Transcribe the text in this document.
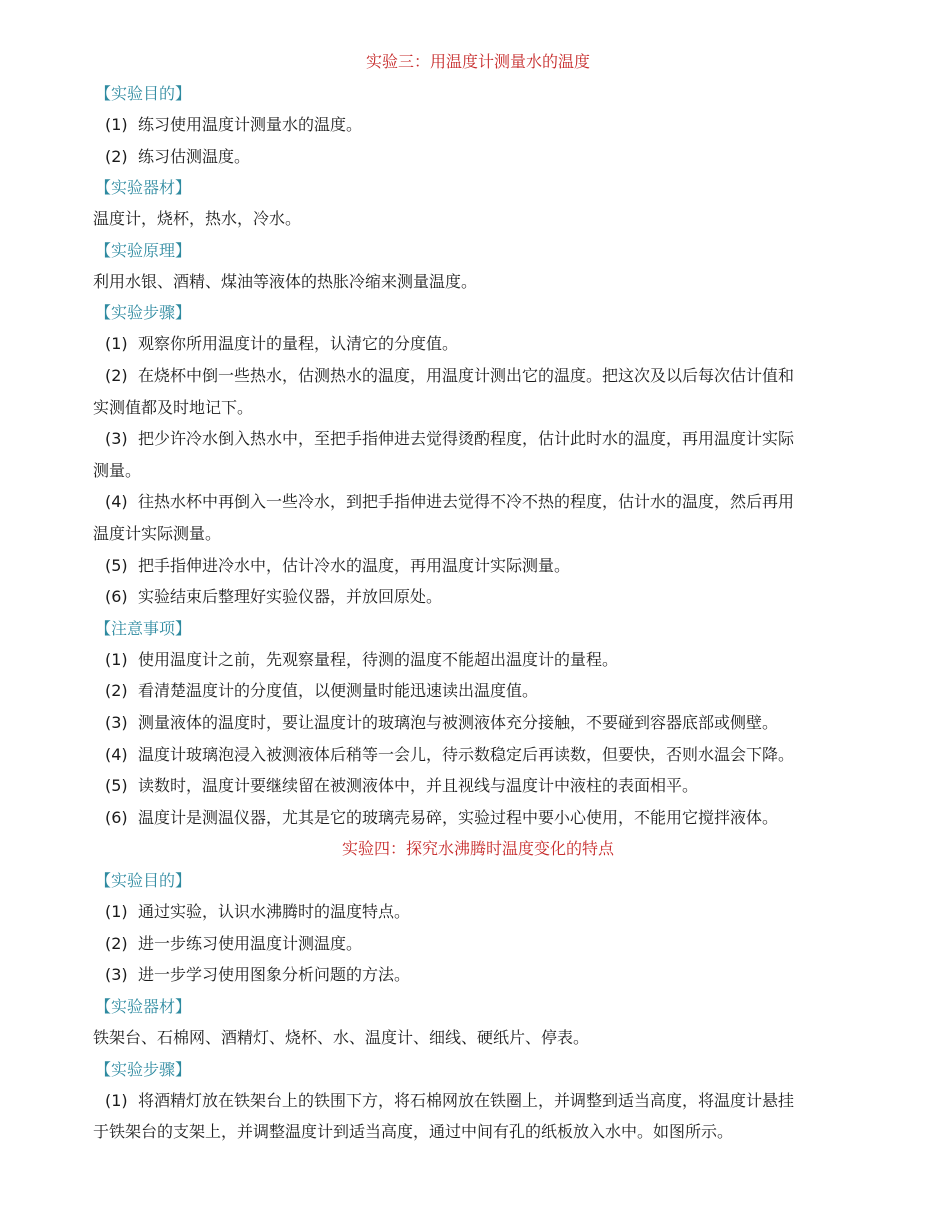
实验三：用温度计测量水的温度
【实验目的】
(1) 练习使用温度计测量水的温度。
(2) 练习估测温度。
【实验器材】
温度计，烧杯，热水，冷水。
【实验原理】
利用水银、酒精、煤油等液体的热胀冷缩来测量温度。
【实验步骤】
(1) 观察你所用温度计的量程，认清它的分度值。
(2) 在烧杯中倒一些热水，估测热水的温度，用温度计测出它的温度。把这次及以后每次估计值和
实测值都及时地记下。
(3) 把少许冷水倒入热水中，至把手指伸进去觉得烫酌程度，估计此时水的温度，再用温度计实际
测量。
(4) 往热水杯中再倒入一些冷水，到把手指伸进去觉得不冷不热的程度，估计水的温度，然后再用
温度计实际测量。
(5) 把手指伸进冷水中，估计冷水的温度，再用温度计实际测量。
(6) 实验结束后整理好实验仪器，并放回原处。
【注意事项】
(1) 使用温度计之前，先观察量程，待测的温度不能超出温度计的量程。
(2) 看清楚温度计的分度值，以便测量时能迅速读出温度值。
(3) 测量液体的温度时，要让温度计的玻璃泡与被测液体充分接触，不要碰到容器底部或侧壁。
(4) 温度计玻璃泡浸入被测液体后稍等一会儿，待示数稳定后再读数，但要快，否则水温会下降。
(5) 读数时，温度计要继续留在被测液体中，并且视线与温度计中液柱的表面相平。
(6) 温度计是测温仪器，尤其是它的玻璃壳易碎，实验过程中要小心使用，不能用它搅拌液体。
实验四：探究水沸腾时温度变化的特点
【实验目的】
(1) 通过实验，认识水沸腾时的温度特点。
(2) 进一步练习使用温度计测温度。
(3) 进一步学习使用图象分析问题的方法。
【实验器材】
铁架台、石棉网、酒精灯、烧杯、水、温度计、细线、硬纸片、停表。
【实验步骤】
(1) 将酒精灯放在铁架台上的铁围下方，将石棉网放在铁圈上，并调整到适当高度，将温度计悬挂
于铁架台的支架上，并调整温度计到适当高度，通过中间有孔的纸板放入水中。如图所示。
